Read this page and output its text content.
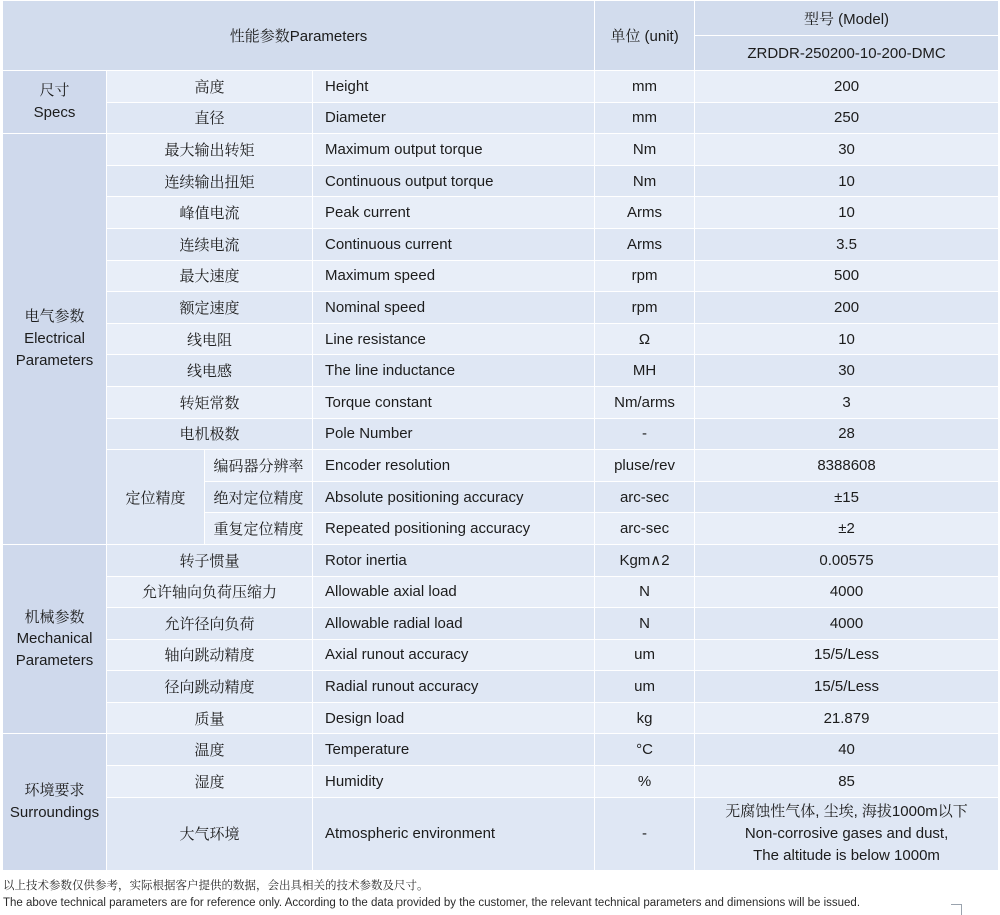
性能参数Parameters				单位 (unit)	型号 (Model)
					ZRDDR-250200-10-200-DMC

尺寸
Specs	高度		Height	mm	200
	直径		Diameter	mm	250

电气参数
Electrical
Parameters	最大输出转矩		Maximum output torque	Nm	30
	连续输出扭矩		Continuous output torque	Nm	10
	峰值电流		Peak current	Arms	10
	连续电流		Continuous current	Arms	3.5
	最大速度		Maximum speed	rpm	500
	额定速度		Nominal speed	rpm	200
	线电阻		Line resistance	Ω	10
	线电感		The line inductance	MH	30
	转矩常数		Torque constant	Nm/arms	3
	电机极数		Pole Number	-	28
	定位精度	编码器分辨率	Encoder resolution	pluse/rev	8388608
		绝对定位精度	Absolute positioning accuracy	arc-sec	±15
		重复定位精度	Repeated positioning accuracy	arc-sec	±2

机械参数
Mechanical
Parameters	转子惯量		Rotor inertia	Kgm∧2	0.00575
	允许轴向负荷压缩力		Allowable axial load	N	4000
	允许径向负荷		Allowable radial load	N	4000
	轴向跳动精度		Axial runout accuracy	um	15/5/Less
	径向跳动精度		Radial runout accuracy	um	15/5/Less
	质量		Design load	kg	21.879

环境要求
Surroundings	温度		Temperature	°C	40
	湿度		Humidity	%	85
	大气环境		Atmospheric environment	-	无腐蚀性气体, 尘埃, 海拔1000m以下
Non-corrosive gases and dust,
The altitude is below 1000m
以上技术参数仅供参考，实际根据客户提供的数据，会出具相关的技术参数及尺寸。
The above technical parameters are for reference only. According to the data provided by the customer, the relevant technical parameters and dimensions will be issued.
